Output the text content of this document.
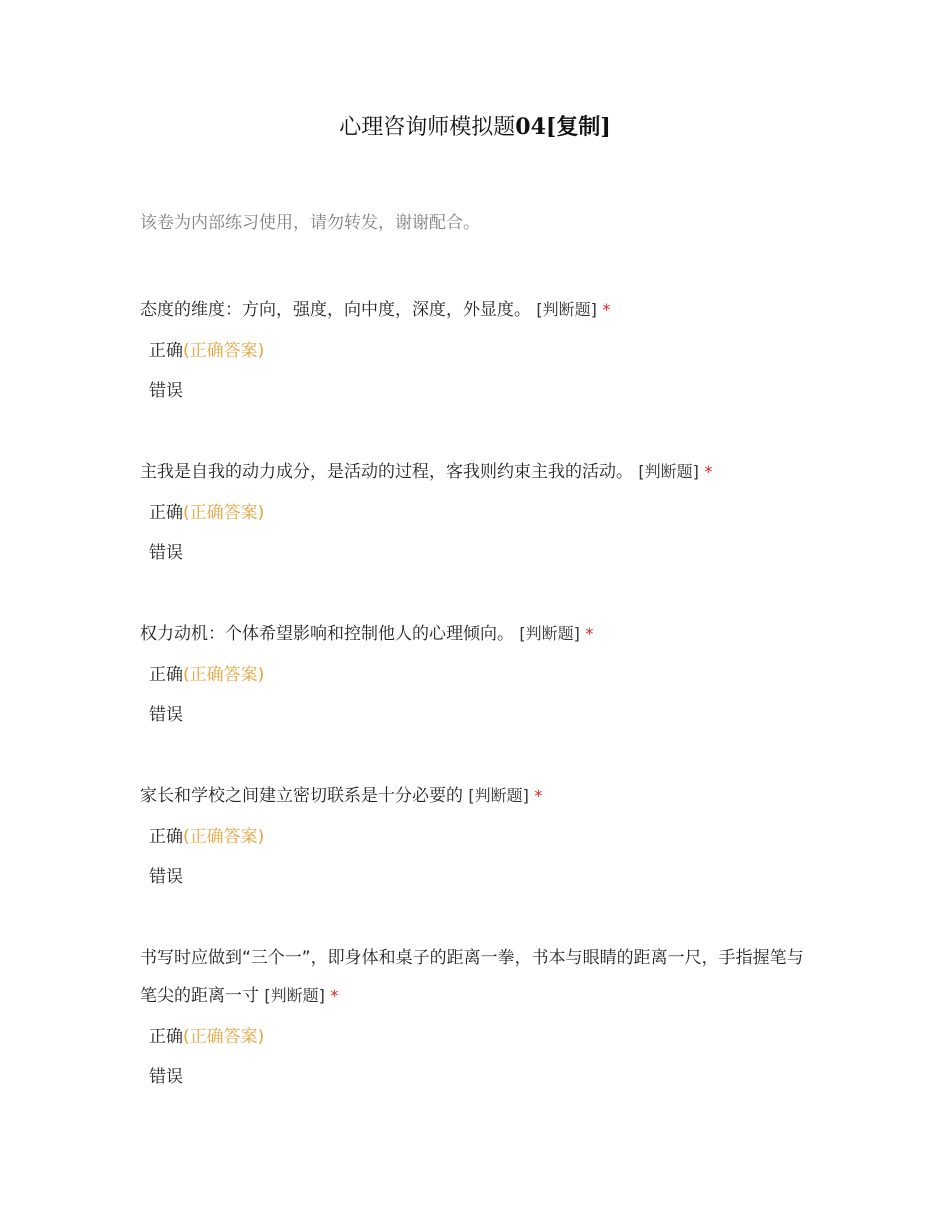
心理咨询师模拟题04[复制]
该卷为内部练习使用，请勿转发，谢谢配合。
态度的维度：方向，强度，向中度，深度，外显度。 [判断题] *
正确(正确答案)
错误
主我是自我的动力成分，是活动的过程，客我则约束主我的活动。 [判断题] *
正确(正确答案)
错误
权力动机：个体希望影响和控制他人的心理倾向。 [判断题] *
正确(正确答案)
错误
家长和学校之间建立密切联系是十分必要的 [判断题] *
正确(正确答案)
错误
书写时应做到“三个一”，即身体和桌子的距离一拳，书本与眼睛的距离一尺，手指握笔与笔尖的距离一寸 [判断题] *
正确(正确答案)
错误
